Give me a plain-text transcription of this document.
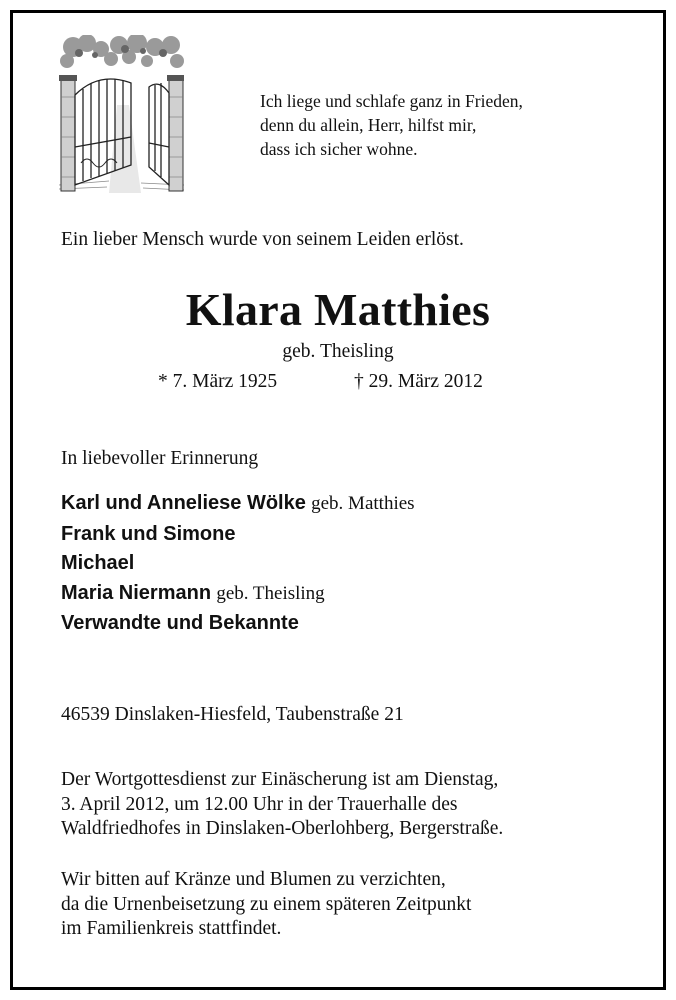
Ich liege und schlafe ganz in Frieden,
denn du allein, Herr, hilfst mir,
dass ich sicher wohne.
Ein lieber Mensch wurde von seinem Leiden erlöst.
Klara Matthies
geb. Theisling
* 7. März 1925	† 29. März 2012
In liebevoller Erinnerung
Karl und Anneliese Wölke geb. Matthies
Frank und Simone
Michael
Maria Niermann geb. Theisling
Verwandte und Bekannte
46539 Dinslaken-Hiesfeld, Taubenstraße 21
Der Wortgottesdienst zur Einäscherung ist am Dienstag,
3. April 2012, um 12.00 Uhr in der Trauerhalle des
Waldfriedhofes in Dinslaken-Oberlohberg, Bergerstraße.
Wir bitten auf Kränze und Blumen zu verzichten,
da die Urnenbeisetzung zu einem späteren Zeitpunkt
im Familienkreis stattfindet.
